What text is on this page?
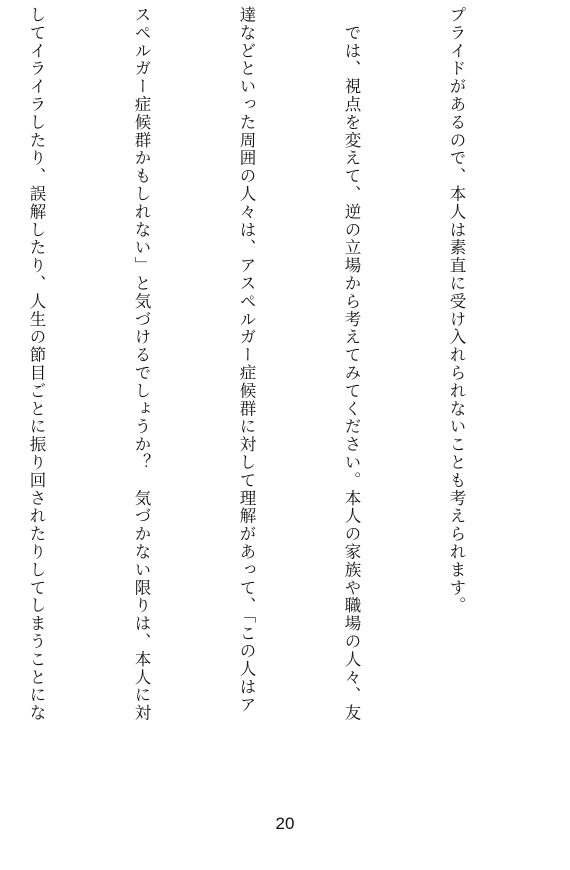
プライドがあるので、本人は素直に受け入れられないことも考えられます。

　では、視点を変えて、逆の立場から考えてみてください。本人の家族や職場の人々、友

達などといった周囲の人々は、アスペルガー症候群に対して理解があって、「この人はア

スペルガー症候群かもしれない」と気づけるでしょうか？　気づかない限りは、本人に対

してイライラしたり、誤解したり、人生の節目ごとに振り回されたりしてしまうことにな

20
